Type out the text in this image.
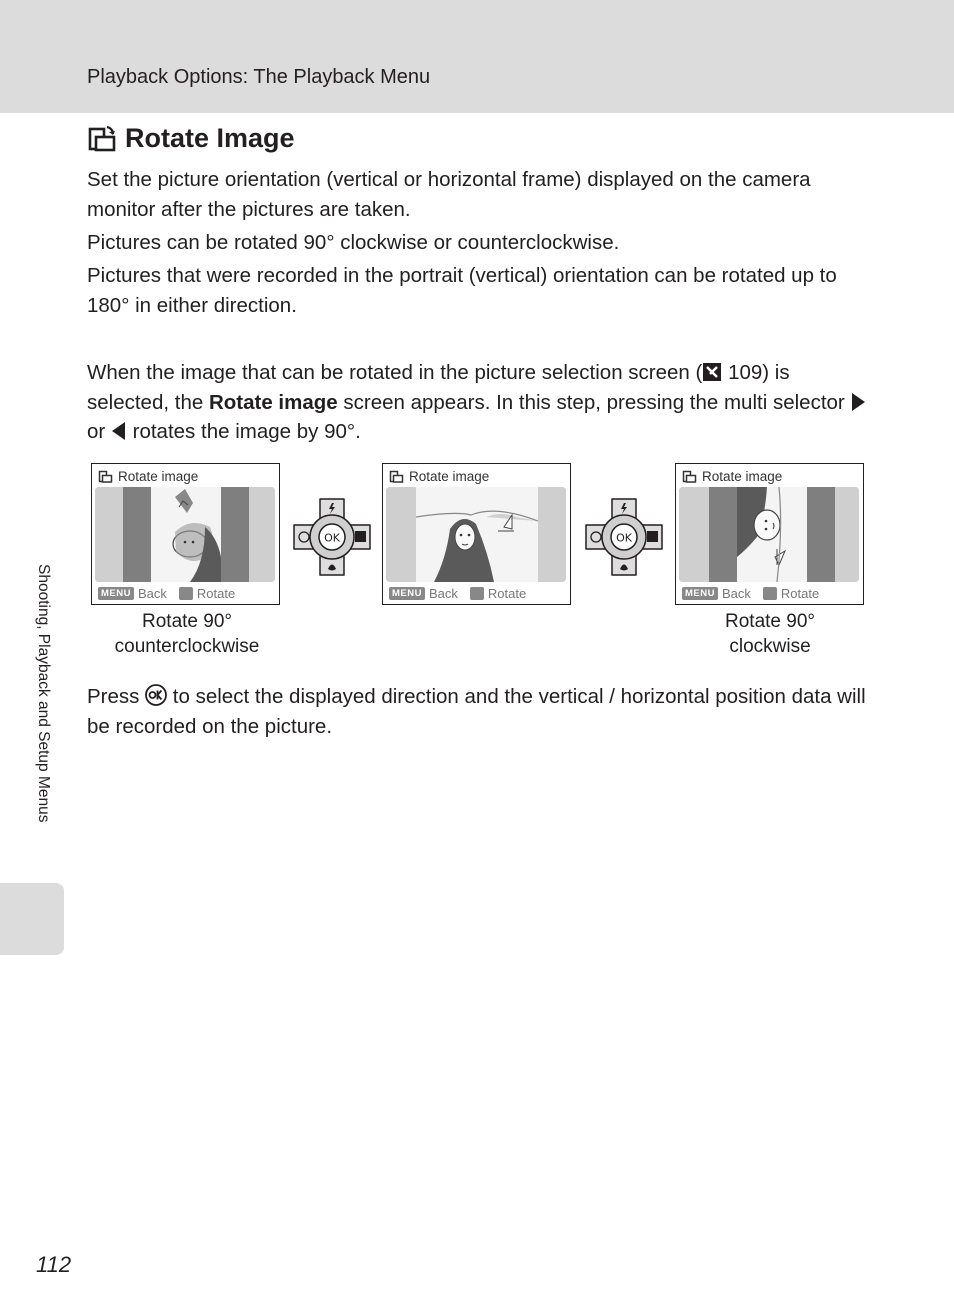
Playback Options: The Playback Menu
Rotate Image

Set the picture orientation (vertical or horizontal frame) displayed on the camera monitor after the pictures are taken.

Pictures can be rotated 90° clockwise or counterclockwise.

Pictures that were recorded in the portrait (vertical) orientation can be rotated up to 180° in either direction.

When the image that can be rotated in the picture selection screen ( 109) is selected, the Rotate image screen appears. In this step, pressing the multi selector  or  rotates the image by 90°.

Rotate image
MENU Back Rotate
OK
Rotate image
MENU Back Rotate
OK
Rotate image
MENU Back Rotate

Rotate 90°
counterclockwise

Rotate 90°
clockwise

Press  to select the displayed direction and the vertical / horizontal position data will be recorded on the picture.

Shooting, Playback and Setup Menus
112
